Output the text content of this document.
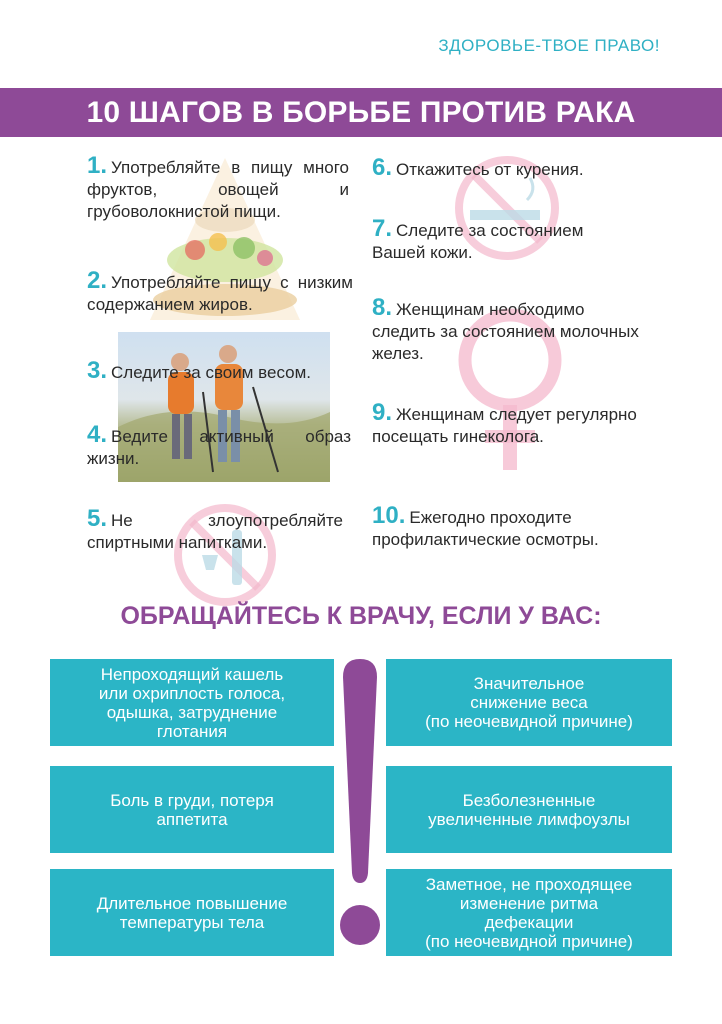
ЗДОРОВЬЕ-ТВОЕ ПРАВО!
10 ШАГОВ В БОРЬБЕ ПРОТИВ РАКА
1. Употребляйте в пищу много фруктов, овощей и грубоволокнистой пищи.
2. Употребляйте пищу с низким содержанием жиров.
3. Следите за своим весом.
4. Ведите активный образ жизни.
5. Не злоупотребляйте спиртными напитками.
6. Откажитесь от курения.
7. Следите за состоянием Вашей кожи.
8. Женщинам необходимо следить за состоянием молочных желез.
9. Женщинам следует регулярно посещать гинеколога.
10. Ежегодно проходите профилактические осмотры.
ОБРАЩАЙТЕСЬ К ВРАЧУ, ЕСЛИ У ВАС:
Непроходящий кашель
или охриплость голоса,
одышка, затруднение
глотания
Значительное
снижение веса
(по неочевидной причине)
Боль в груди, потеря
аппетита
Безболезненные
увеличенные лимфоузлы
Длительное повышение
температуры тела
Заметное, не проходящее
изменение ритма
дефекации
(по неочевидной причине)
